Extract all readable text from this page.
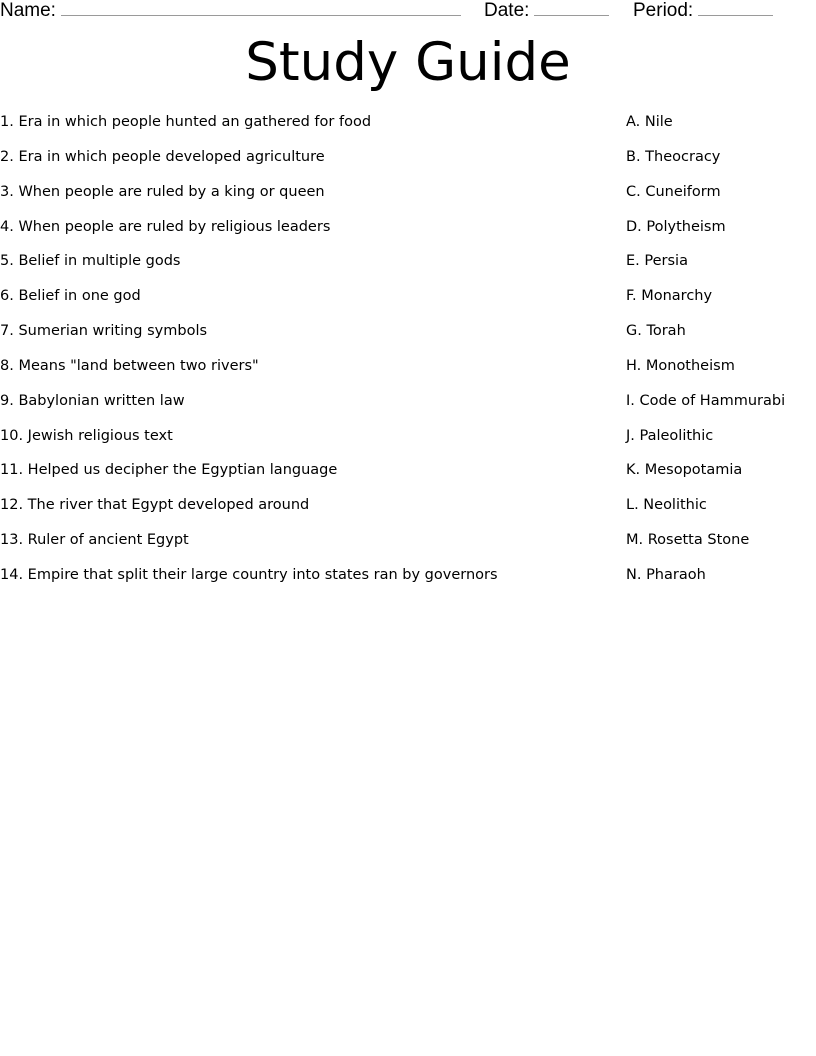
Name:	Date:	Period:
Study Guide
1. Era in which people hunted an gathered for food	A. Nile
2. Era in which people developed agriculture	B. Theocracy
3. When people are ruled by a king or queen	C. Cuneiform
4. When people are ruled by religious leaders	D. Polytheism
5. Belief in multiple gods	E. Persia
6. Belief in one god	F. Monarchy
7. Sumerian writing symbols	G. Torah
8. Means "land between two rivers"	H. Monotheism
9. Babylonian written law	I. Code of Hammurabi
10. Jewish religious text	J. Paleolithic
11. Helped us decipher the Egyptian language	K. Mesopotamia
12. The river that Egypt developed around	L. Neolithic
13. Ruler of ancient Egypt	M. Rosetta Stone
14. Empire that split their large country into states ran by governors	N. Pharaoh
